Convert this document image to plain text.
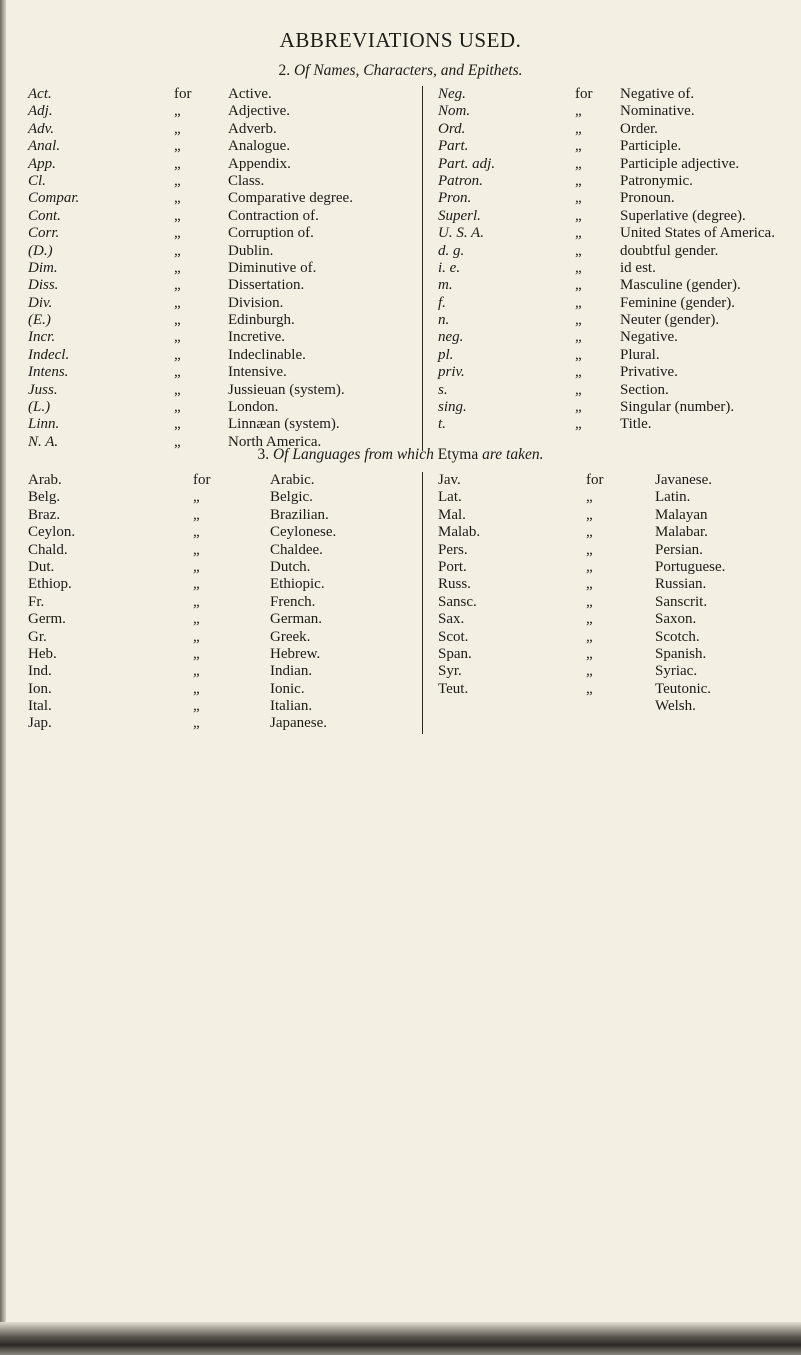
ABBREVIATIONS USED.
2. Of Names, Characters, and Epithets.
Act.
Adj.
Adv.
Anal.
App.
Cl.
Compar.
Cont.
Corr.
(D.)
Dim.
Diss.
Div.
(E.)
Incr.
Indecl.
Intens.
Juss.
(L.)
Linn.
N. A.
for
„
„
„
„
„
„
„
„
„
„
„
„
„
„
„
„
„
„
„
„
Active.
Adjective.
Adverb.
Analogue.
Appendix.
Class.
Comparative degree.
Contraction of.
Corruption of.
Dublin.
Diminutive of.
Dissertation.
Division.
Edinburgh.
Incretive.
Indeclinable.
Intensive.
Jussieuan (system).
London.
Linnæan (system).
North America.
Neg.
Nom.
Ord.
Part.
Part. adj.
Patron.
Pron.
Superl.
U. S. A.
d. g.
i. e.
m.
f.
n.
neg.
pl.
priv.
s.
sing.
t.
for
„
„
„
„
„
„
„
„
„
„
„
„
„
„
„
„
„
„
„
Negative of.
Nominative.
Order.
Participle.
Participle adjective.
Patronymic.
Pronoun.
Superlative (degree).
United States of America.
doubtful gender.
id est.
Masculine (gender).
Feminine (gender).
Neuter (gender).
Negative.
Plural.
Privative.
Section.
Singular (number).
Title.
3. Of Languages from which Etyma are taken.
Arab.
Belg.
Braz.
Ceylon.
Chald.
Dut.
Ethiop.
Fr.
Germ.
Gr.
Heb.
Ind.
Ion.
Ital.
Jap.
for
„
„
„
„
„
„
„
„
„
„
„
„
„
„
Arabic.
Belgic.
Brazilian.
Ceylonese.
Chaldee.
Dutch.
Ethiopic.
French.
German.
Greek.
Hebrew.
Indian.
Ionic.
Italian.
Japanese.
Jav.
Lat.
Mal.
Malab.
Pers.
Port.
Russ.
Sansc.
Sax.
Scot.
Span.
Syr.
Teut.
for
„
„
„
„
„
„
„
„
„
„
„
„
Javanese.
Latin.
Malayan
Malabar.
Persian.
Portuguese.
Russian.
Sanscrit.
Saxon.
Scotch.
Spanish.
Syriac.
Teutonic.
Welsh.
